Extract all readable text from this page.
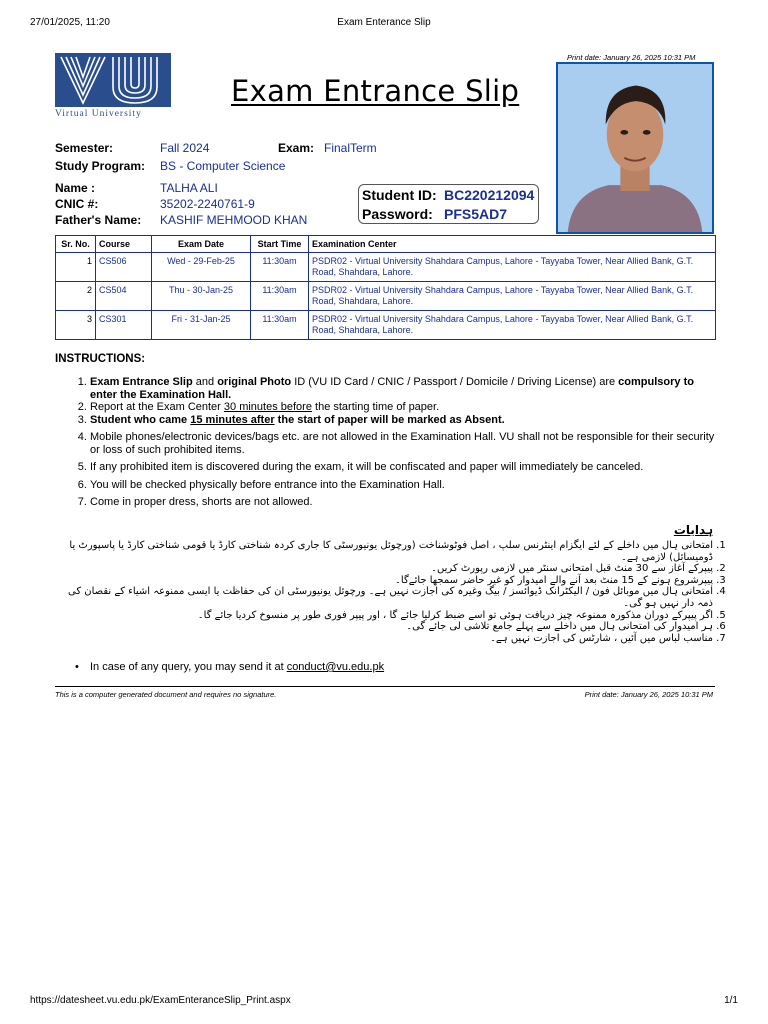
27/01/2025, 11:20	Exam Enterance Slip
Virtual University
Exam Entrance Slip
Print date: January 26, 2025 10:31 PM
Semester:	Fall 2024	Exam: FinalTerm
Study Program: BS - Computer Science
Name :	TALHA ALI
CNIC #:	35202-2240761-9
Father's Name: KASHIF MEHMOOD KHAN
Student ID: BC220212094
Password: PFS5AD7
Sr. No.	Course	Exam Date	Start Time	Examination Center
1	CS506	Wed - 29-Feb-25	11:30am	PSDR02 - Virtual University Shahdara Campus, Lahore - Tayyaba Tower, Near Allied Bank, G.T. Road, Shahdara, Lahore.
2	CS504	Thu - 30-Jan-25	11:30am	PSDR02 - Virtual University Shahdara Campus, Lahore - Tayyaba Tower, Near Allied Bank, G.T. Road, Shahdara, Lahore.
3	CS301	Fri - 31-Jan-25	11:30am	PSDR02 - Virtual University Shahdara Campus, Lahore - Tayyaba Tower, Near Allied Bank, G.T. Road, Shahdara, Lahore.
INSTRUCTIONS:
1. Exam Entrance Slip and original Photo ID (VU ID Card / CNIC / Passport / Domicile / Driving License) are compulsory to enter the Examination Hall.
2. Report at the Exam Center 30 minutes before the starting time of paper.
3. Student who came 15 minutes after the start of paper will be marked as Absent.
4. Mobile phones/electronic devices/bags etc. are not allowed in the Examination Hall. VU shall not be responsible for their security or loss of such prohibited items.
5. If any prohibited item is discovered during the exam, it will be confiscated and paper will immediately be canceled.
6. You will be checked physically before entrance into the Examination Hall.
7. Come in proper dress, shorts are not allowed.
ہدایات
1. امتحانی ہال میں داخلے کے لئے ایگزام اینٹرنس سلپ ، اصل فوٹوشناخت (ورچوئل یونیورسٹی کا جاری کردہ شناختی کارڈ یا قومی شناختی کارڈ یا پاسپورٹ یا ڈومیسائل) لازمی ہے۔
2. پیپرکے آغاز سے 30 منٹ قبل امتحانی سنٹر میں لازمی رپورٹ کریں۔
3. پیپرشروع ہونے کے 15 منٹ بعد آنے والے امیدوار کو غیر حاضر سمجھا جائےگا۔
4. امتحانی ہال میں موبائل فون / الیکٹرانک ڈیوائسز / بیگ وغیرہ کی اجازت نہیں ہے۔ ورچوئل یونیورسٹی ان کی حفاظت یا ایسی ممنوعہ اشیاء کے نقصان کی ذمہ دار نہیں ہو گی۔
5. اگر پیپرکے دوران مذکورہ ممنوعہ چیز دریافت ہوئی تو اسے ضبط کرلیا جائے گا ، اور پیپر فوری طور پر منسوخ کردیا جائے گا۔
6. ہر امیدوار کی امتحانی ہال میں داخلے سے پہلے جامع تلاشی لی جائے گی۔
7. مناسب لباس میں آئیں ، شارٹس کی اجازت نہیں ہے۔
• In case of any query, you may send it at conduct@vu.edu.pk
This is a computer generated document and requires no signature.	Print date: January 26, 2025 10:31 PM
https://datesheet.vu.edu.pk/ExamEnteranceSlip_Print.aspx	1/1
